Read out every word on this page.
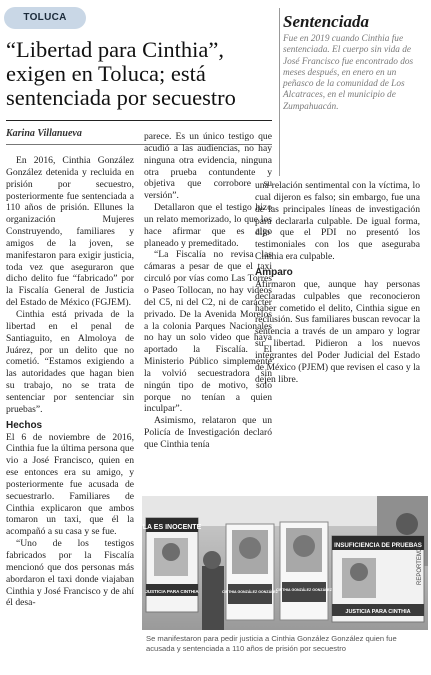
TOLUCA
“Libertad para Cinthia”, exigen en Toluca; está sentenciada por secuestro

Karina Villanueva

Sentenciada

Fue en 2019 cuando Cinthia fue sentenciada. El cuerpo sin vida de José Francisco fue encontrado dos meses después, en enero en un peñasco de la comunidad de Los Alcatraces, en el municipio de Zumpahuacán.

En 2016, Cinthia González González detenida y recluida en prisión por secuestro, posteriormente fue sentenciada a 110 años de prisión. Ellunes la organización Mujeres Construyendo, familiares y amigos de la joven, se manifestaron para exigir justicia, toda vez que aseguraron que dicho delito fue “fabricado” por la Fiscalía General de Justicia del Estado de México (FGJEM).

Cinthia está privada de la libertad en el penal de Santiaguito, en Almoloya de Juárez, por un delito que no cometió. “Estamos exigiendo a las autoridades que hagan bien su trabajo, no se trata de sentenciar por sentenciar sin pruebas”.

Hechos

El 6 de noviembre de 2016, Cinthia fue la última persona que vio a José Francisco, quien en ese entonces era su amigo, y posteriormente fue acusada de secuestrarlo. Familiares de Cinthia explicaron que ambos tomaron un taxi, que él la acompañó a su casa y se fue.

“Uno de los testigos fabricados por la Fiscalía mencionó que dos personas más abordaron el taxi donde viajaban Cinthia y José Francisco y de ahí él desa-

parece. Es un único testigo que acudió a las audiencias, no hay ninguna otra evidencia, ninguna otra prueba contundente y objetiva que corrobore su versión”.

Detallaron que el testigo hizo un relato memorizado, lo que los hace afirmar que es algo planeado y premeditado.

“La Fiscalía no revisa las cámaras a pesar de que el taxi circuló por vías como Las Torres o Paseo Tollocan, no hay videos del C5, ni del C2, ni de carácter privado. De la Avenida Morelos a la colonia Parques Nacionales no hay un solo video que haya aportado la Fiscalía. El Ministerio Público simplemente la volvió secuestradora sin ningún tipo de motivo, solo porque no tenían a quien inculpar”.

Asimismo, relataron que un Policía de Investigación declaró que Cinthia tenía

una relación sentimental con la víctima, lo cual dijeron es falso; sin embargo, fue una de las principales líneas de investigación para declararla culpable. De igual forma, dijo que el PDI no presentó los testimoniales con los que aseguraba Cinthia era culpable.

Amparo

Afirmaron que, aunque hay personas declaradas culpables que reconocieron haber cometido el delito, Cinthia sigue en reclusión. Sus familiares buscan revocar la sentencia a través de un amparo y lograr su libertad. Pidieron a los nuevos integrantes del Poder Judicial del Estado de México (PJEM) que revisen el caso y la dejen libre.

LA ES INOCENTE
JUSTICIA PARA CINTHIA	CINTHIA GONZÁLEZ GONZÁLEZ
CINTHIA GONZÁLEZ GONZÁLEZ
INSUFICIENCIA DE PRUEBAS
JUSTICIA PARA CINTHIA
REPORTEMX

Se manifestaron para pedir justicia a Cinthia González González quien fue acusada y sentenciada a 110 años de prisión por secuestro
